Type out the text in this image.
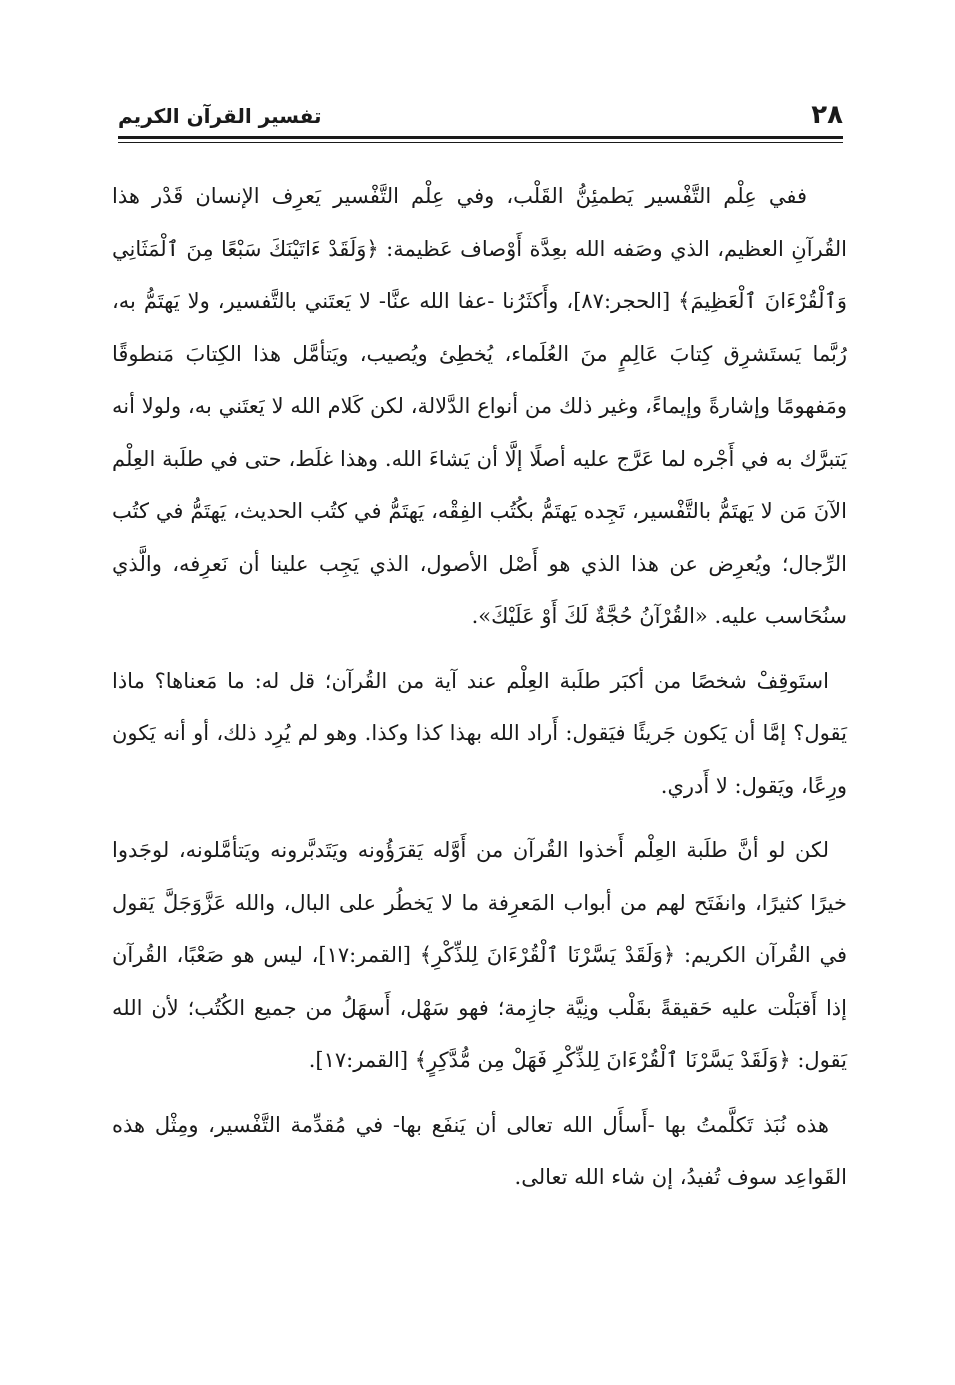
تفسير القرآن الكريم	٢٨

ففي عِلْم التَّفْسير يَطمئِنُّ القَلْب، وفي عِلْم التَّفْسير يَعرِف الإنسان قَدْر هذا القُرآنِ العظيم، الذي وصَفه الله بعِدَّة أَوْصاف عَظيمة: ﴿وَلَقَدْ ءَاتَيْنَكَ سَبْعًا مِنَ ٱلْمَثَانِي وَٱلْقُرْءَانَ ٱلْعَظِيمَ﴾ [الحجر:٨٧]، وأَكثَرُنا -عفا الله عنَّا- لا يَعتَني بالتَّفسير، ولا يَهتَمُّ به، رُبَّما يَستَشرِق كِتابَ عَالِمٍ منَ العُلَماء، يُخطِئ ويُصيب، ويَتأمَّل هذا الكِتابَ مَنطوقًا ومَفهومًا وإشارةً وإيماءً، وغير ذلك من أنواع الدَّلالة، لكن كَلام الله لا يَعتَني به، ولولا أنه يَتبرَّك به في أَجْره لما عَرَّج عليه أصلًا إلَّا أن يَشاءَ الله. وهذا غلَط، حتى في طلَبة العِلْم الآنَ مَن لا يَهتَمُّ بالتَّفْسير، تَجِده يَهتَمُّ بكُتُب الفِقْه، يَهتَمُّ في كتُب الحديث، يَهتَمُّ في كتُب الرِّجال؛ ويُعرِض عن هذا الذي هو أَصْل الأصول، الذي يَجِب علينا أن نَعرِفه، والَّذي سنُحَاسب عليه. «القُرْآنُ حُجَّةٌ لَكَ أَوْ عَلَيْكَ».

استَوقِفْ شخصًا من أكبَر طلَبة العِلْم عند آية من القُرآن؛ قل له: ما مَعناها؟ ماذا يَقول؟ إمَّا أن يَكون جَريئًا فيَقول: أَراد الله بهذا كذا وكذا. وهو لم يُرِد ذلك، أو أنه يَكون ورِعًا، ويَقول: لا أَدري.

لكن لو أنَّ طلَبة العِلْم أَخذوا القُرآن من أَوَّله يَقرَؤُونه ويَتَدبَّرونه ويَتأمَّلونه، لوجَدوا خيرًا كثيرًا، وانفَتَح لهم من أبواب المَعرِفة ما لا يَخطُر على البال، والله عَزَّوَجَلَّ يَقول في القُرآن الكريم: ﴿وَلَقَدْ يَسَّرْنَا ٱلْقُرْءَانَ لِلذِّكْرِ﴾ [القمر:١٧]، ليس هو صَعْبًا، القُرآن إذا أَقبَلْت عليه حَقيقةً بقَلْب ونِيَّة جازِمة؛ فهو سَهْل، أَسهَلُ من جميع الكُتُب؛ لأن الله يَقول: ﴿وَلَقَدْ يَسَّرْنَا ٱلْقُرْءَانَ لِلذِّكْرِ فَهَلْ مِن مُّدَّكِرٍ﴾ [القمر:١٧].

هذه نُبَذ تَكلَّمتُ بها -أَسأَل الله تعالى أن يَنفَع بها- في مُقدِّمة التَّفْسير، ومِثْل هذه القَواعِد سوف تُفيدُ، إن شاء الله تعالى.
